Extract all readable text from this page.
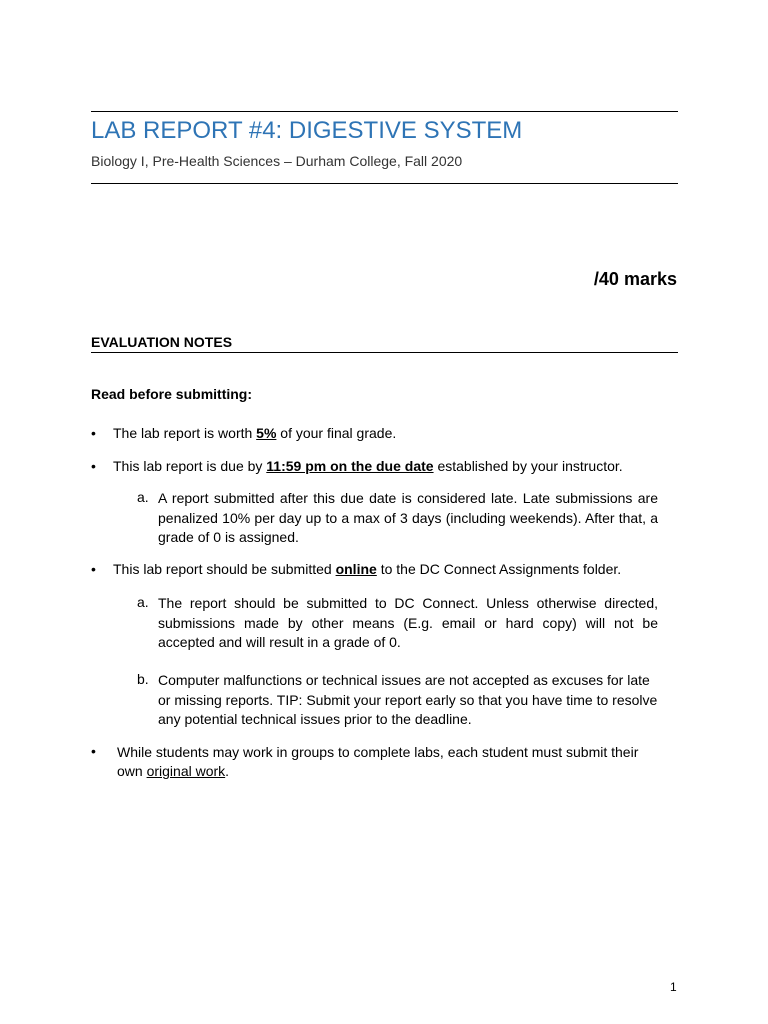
LAB REPORT #4: DIGESTIVE SYSTEM
Biology I, Pre-Health Sciences – Durham College, Fall 2020
/40 marks
EVALUATION NOTES
Read before submitting:
• The lab report is worth 5% of your final grade.
• This lab report is due by 11:59 pm on the due date established by your instructor.
a. A report submitted after this due date is considered late. Late submissions are penalized 10% per day up to a max of 3 days (including weekends). After that, a grade of 0 is assigned.
• This lab report should be submitted online to the DC Connect Assignments folder.
a. The report should be submitted to DC Connect. Unless otherwise directed, submissions made by other means (E.g. email or hard copy) will not be accepted and will result in a grade of 0.
b. Computer malfunctions or technical issues are not accepted as excuses for late or missing reports. TIP: Submit your report early so that you have time to resolve any potential technical issues prior to the deadline.
• While students may work in groups to complete labs, each student must submit their own original work.
1
